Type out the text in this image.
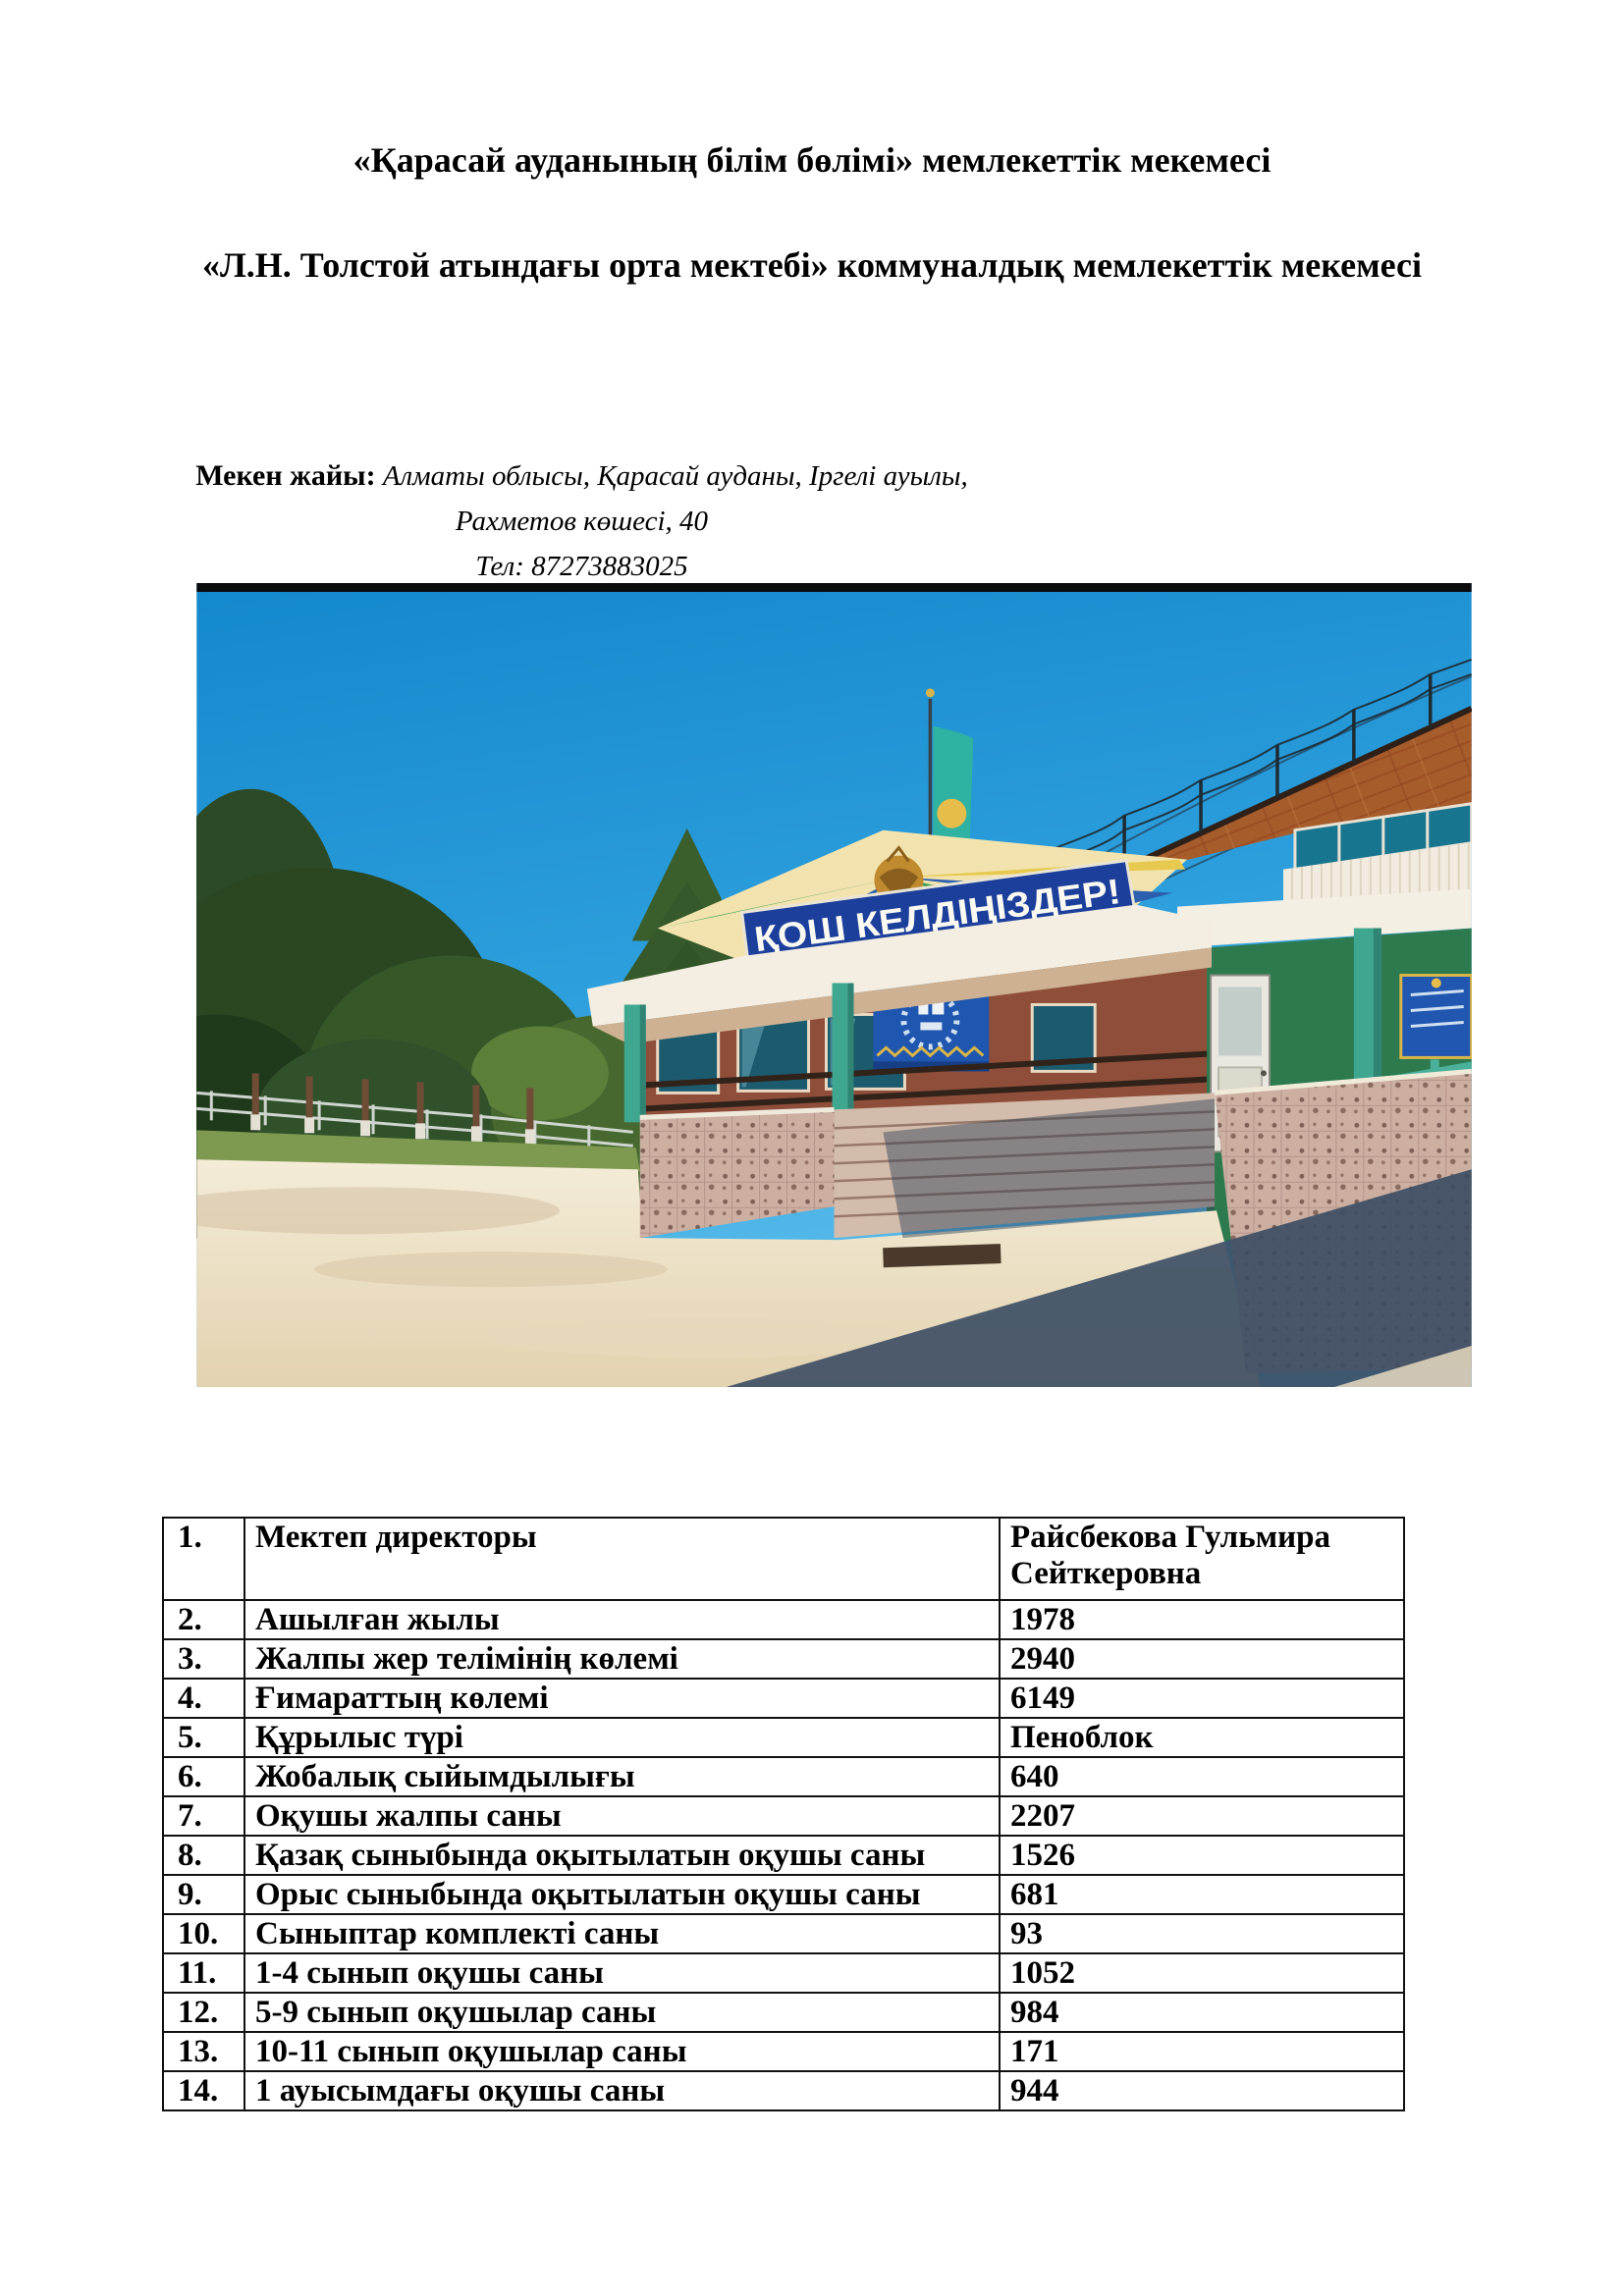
«Қарасай ауданының білім бөлімі» мемлекеттік мекемесі
«Л.Н. Толстой атындағы орта мектебі» коммуналдық мемлекеттік мекемесі
Мекен жайы: Алматы облысы, Қарасай ауданы, Іргелі ауылы, Рахметов көшесі, 40
Тел: 87273883025
ҚОШ КЕЛДІҢІЗДЕР!
1.	Мектеп директоры	Райсбекова Гульмира Сейткеровна
2.	Ашылған жылы	1978
3.	Жалпы жер телімінің көлемі	2940
4.	Ғимараттың көлемі	6149
5.	Құрылыс түрі	Пеноблок
6.	Жобалық сыйымдылығы	640
7.	Оқушы жалпы саны	2207
8.	Қазақ сыныбында оқытылатын оқушы саны	1526
9.	Орыс сыныбында оқытылатын оқушы саны	681
10.	Сыныптар комплекті саны	93
11.	1-4 сынып оқушы саны	1052
12.	5-9 сынып оқушылар саны	984
13.	10-11 сынып оқушылар саны	171
14.	1 ауысымдағы оқушы саны	944
